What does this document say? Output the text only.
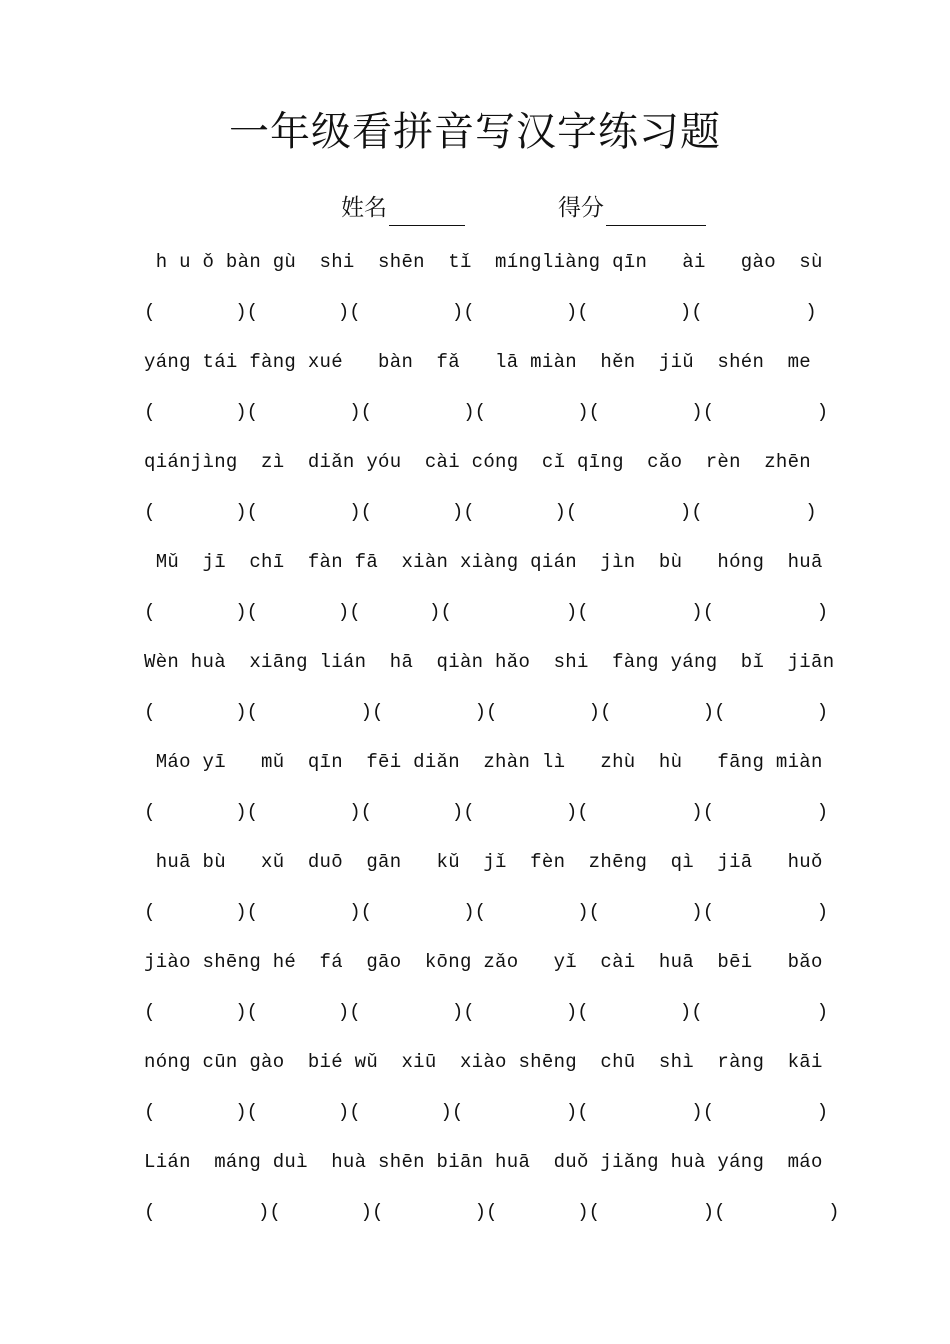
一年级看拼音写汉字练习题
姓名	得分
h u ǒ bàn gù  shi  shēn  tǐ  míngliàng qīn   ài   gào  sù
(       )(       )(        )(        )(        )(         )
yáng tái fàng xué   bàn  fǎ   lā miàn  hěn  jiǔ  shén  me
(       )(        )(        )(        )(        )(         )
qiánjìng  zì  diǎn yóu  cài cóng  cǐ qīng  cǎo  rèn  zhēn
(       )(        )(       )(       )(         )(         )
Mǔ  jī  chī  fàn fā  xiàn xiàng qián  jìn  bù   hóng  huā
(       )(       )(      )(          )(         )(         )
Wèn huà  xiāng lián  hā  qiàn hǎo  shi  fàng yáng  bǐ  jiān
(       )(         )(        )(        )(        )(        )
Máo yī   mǔ  qīn  fēi diǎn  zhàn lì   zhù  hù   fāng miàn
(       )(        )(       )(        )(         )(         )
huā bù   xǔ  duō  gān   kǔ  jǐ  fèn  zhēng  qì  jiā   huǒ
(       )(        )(        )(        )(        )(         )
jiào shēng hé  fá  gāo  kōng zǎo   yǐ  cài  huā  bēi   bǎo
(       )(       )(        )(        )(        )(          )
nóng cūn gào  bié wǔ  xiū  xiào shēng  chū  shì  ràng  kāi
(       )(       )(       )(         )(         )(         )
Lián  máng duì  huà shēn biān huā  duǒ jiǎng huà yáng  máo
(         )(       )(        )(       )(         )(         )
